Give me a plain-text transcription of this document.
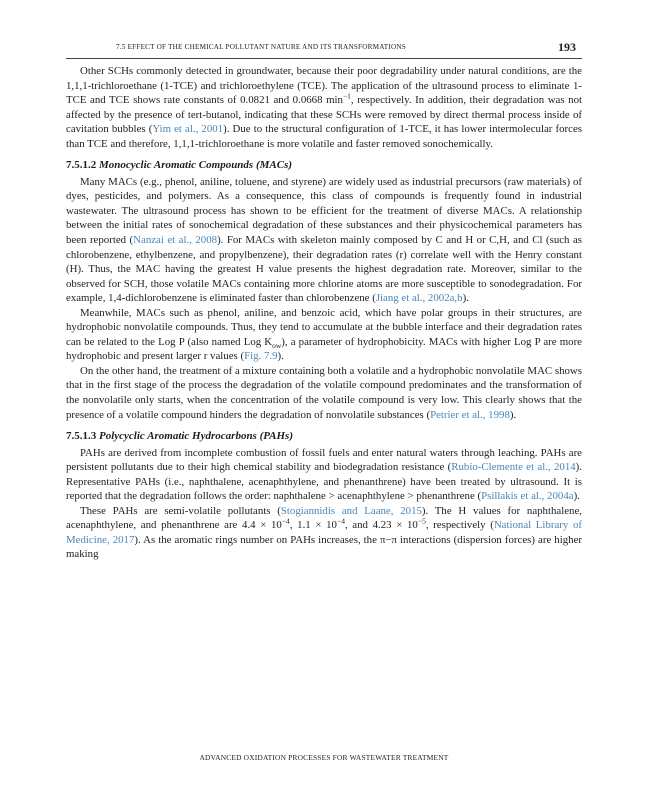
7.5 EFFECT OF THE CHEMICAL POLLUTANT NATURE AND ITS TRANSFORMATIONS	193

Other SCHs commonly detected in groundwater, because their poor degradability under natural conditions, are the 1,1,1-trichloroethane (1-TCE) and trichloroethylene (TCE). The application of the ultrasound process to eliminate 1-TCE and TCE shows rate constants of 0.0821 and 0.0668 $\min^{-1}$, respectively. In addition, their degradation was not affected by the presence of tert-butanol, indicating that these SCHs were removed by direct thermal process inside of cavitation bubbles (Yim et al., 2001). Due to the structural configuration of 1-TCE, it has lower intermolecular forces than TCE and therefore, 1,1,1-trichloroethane is more volatile and faster removed sonochemically.

7.5.1.2 Monocyclic Aromatic Compounds (MACs)

Many MACs (e.g., phenol, aniline, toluene, and styrene) are widely used as industrial precursors (raw materials) of dyes, pesticides, and polymers. As a consequence, this class of compounds is frequently found in industrial wastewater. The ultrasound process has shown to be efficient for the treatment of diverse MACs. A relationship between the initial rates of sonochemical degradation of these substances and their physicochemical parameters has been reported (Nanzai et al., 2008). For MACs with skeleton mainly composed by C and H or C,H, and Cl (such as chlorobenzene, ethylbenzene, and propylbenzene), their degradation rates (r) correlate well with the Henry constant (H). Thus, the MAC having the greatest H value presents the highest degradation rate. Moreover, similar to the observed for SCH, those volatile MACs containing more chlorine atoms are more susceptible to sonodegradation. For example, 1,4-dichlorobenzene is eliminated faster than chlorobenzene (Jiang et al., 2002a,b).

Meanwhile, MACs such as phenol, aniline, and benzoic acid, which have polar groups in their structures, are hydrophobic nonvolatile compounds. Thus, they tend to accumulate at the bubble interface and their degradation rates can be related to the Log P (also named Log $K_{ow}$), a parameter of hydrophobicity. MACs with higher Log P are more hydrophobic and present larger r values (Fig. 7.9).

On the other hand, the treatment of a mixture containing both a volatile and a hydrophobic nonvolatile MAC shows that in the first stage of the process the degradation of the volatile compound predominates and the transformation of the nonvolatile only starts, when the concentration of the volatile compound is very low. This clearly shows that the presence of a volatile compound hinders the degradation of nonvolatile substances (Petrier et al., 1998).

7.5.1.3 Polycyclic Aromatic Hydrocarbons (PAHs)

PAHs are derived from incomplete combustion of fossil fuels and enter natural waters through leaching. PAHs are persistent pollutants due to their high chemical stability and biodegradation resistance (Rubio-Clemente et al., 2014). Representative PAHs (i.e., naphthalene, acenaphthylene, and phenanthrene) have been treated by ultrasound. It is reported that the degradation follows the order: naphthalene > acenaphthylene > phenanthrene (Psillakis et al., 2004a).

These PAHs are semi-volatile pollutants (Stogiannidis and Laane, 2015). The H values for naphthalene, acenaphthylene, and phenanthrene are $4.4 \times 10^{-4}$, $1.1 \times 10^{-4}$, and $4.23 \times 10^{-5}$, respectively (National Library of Medicine, 2017). As the aromatic rings number on PAHs increases, the π−π interactions (dispersion forces) are higher making

ADVANCED OXIDATION PROCESSES FOR WASTEWATER TREATMENT
